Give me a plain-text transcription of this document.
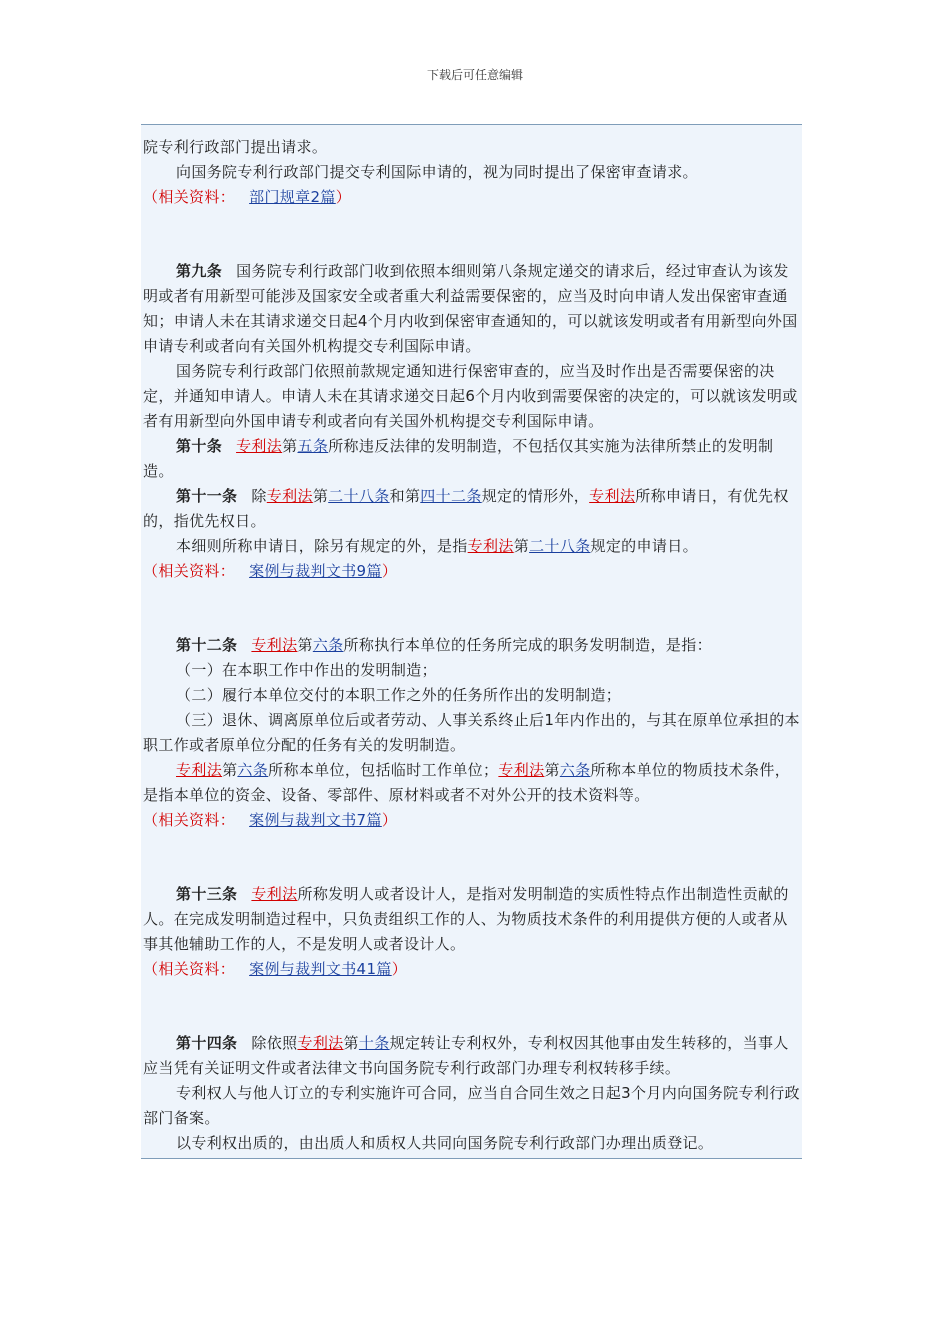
下载后可任意编辑

院专利行政部门提出请求。

向国务院专利行政部门提交专利国际申请的，视为同时提出了保密审查请求。

（相关资料： 部门规章2篇）

第九条 国务院专利行政部门收到依照本细则第八条规定递交的请求后，经过审查认为该发明或者有用新型可能涉及国家安全或者重大利益需要保密的，应当及时向申请人发出保密审查通知；申请人未在其请求递交日起4个月内收到保密审查通知的，可以就该发明或者有用新型向外国申请专利或者向有关国外机构提交专利国际申请。

国务院专利行政部门依照前款规定通知进行保密审查的，应当及时作出是否需要保密的决定，并通知申请人。申请人未在其请求递交日起6个月内收到需要保密的决定的，可以就该发明或者有用新型向外国申请专利或者向有关国外机构提交专利国际申请。

第十条 专利法第五条所称违反法律的发明制造，不包括仅其实施为法律所禁止的发明制造。

第十一条 除专利法第二十八条和第四十二条规定的情形外，专利法所称申请日，有优先权的，指优先权日。

本细则所称申请日，除另有规定的外，是指专利法第二十八条规定的申请日。

（相关资料： 案例与裁判文书9篇）

第十二条 专利法第六条所称执行本单位的任务所完成的职务发明制造，是指：

（一）在本职工作中作出的发明制造；

（二）履行本单位交付的本职工作之外的任务所作出的发明制造；

（三）退休、调离原单位后或者劳动、人事关系终止后1年内作出的，与其在原单位承担的本职工作或者原单位分配的任务有关的发明制造。

专利法第六条所称本单位，包括临时工作单位；专利法第六条所称本单位的物质技术条件，是指本单位的资金、设备、零部件、原材料或者不对外公开的技术资料等。

（相关资料： 案例与裁判文书7篇）

第十三条 专利法所称发明人或者设计人，是指对发明制造的实质性特点作出制造性贡献的人。在完成发明制造过程中，只负责组织工作的人、为物质技术条件的利用提供方便的人或者从事其他辅助工作的人，不是发明人或者设计人。

（相关资料： 案例与裁判文书41篇）

第十四条 除依照专利法第十条规定转让专利权外，专利权因其他事由发生转移的，当事人应当凭有关证明文件或者法律文书向国务院专利行政部门办理专利权转移手续。

专利权人与他人订立的专利实施许可合同，应当自合同生效之日起3个月内向国务院专利行政部门备案。

以专利权出质的，由出质人和质权人共同向国务院专利行政部门办理出质登记。
